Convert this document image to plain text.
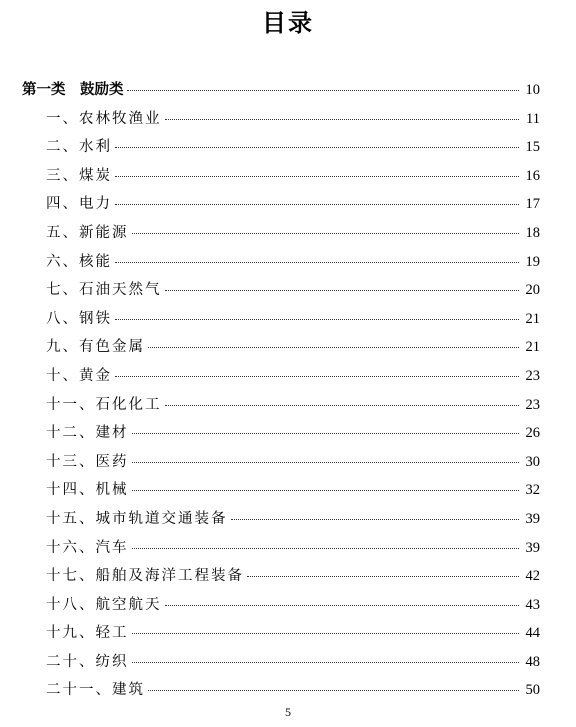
目录
第一类　鼓励类	10
一、农林牧渔业	11
二、水利	15
三、煤炭	16
四、电力	17
五、新能源	18
六、核能	19
七、石油天然气	20
八、钢铁	21
九、有色金属	21
十、黄金	23
十一、石化化工	23
十二、建材	26
十三、医药	30
十四、机械	32
十五、城市轨道交通装备	39
十六、汽车	39
十七、船舶及海洋工程装备	42
十八、航空航天	43
十九、轻工	44
二十、纺织	48
二十一、建筑	50
5
